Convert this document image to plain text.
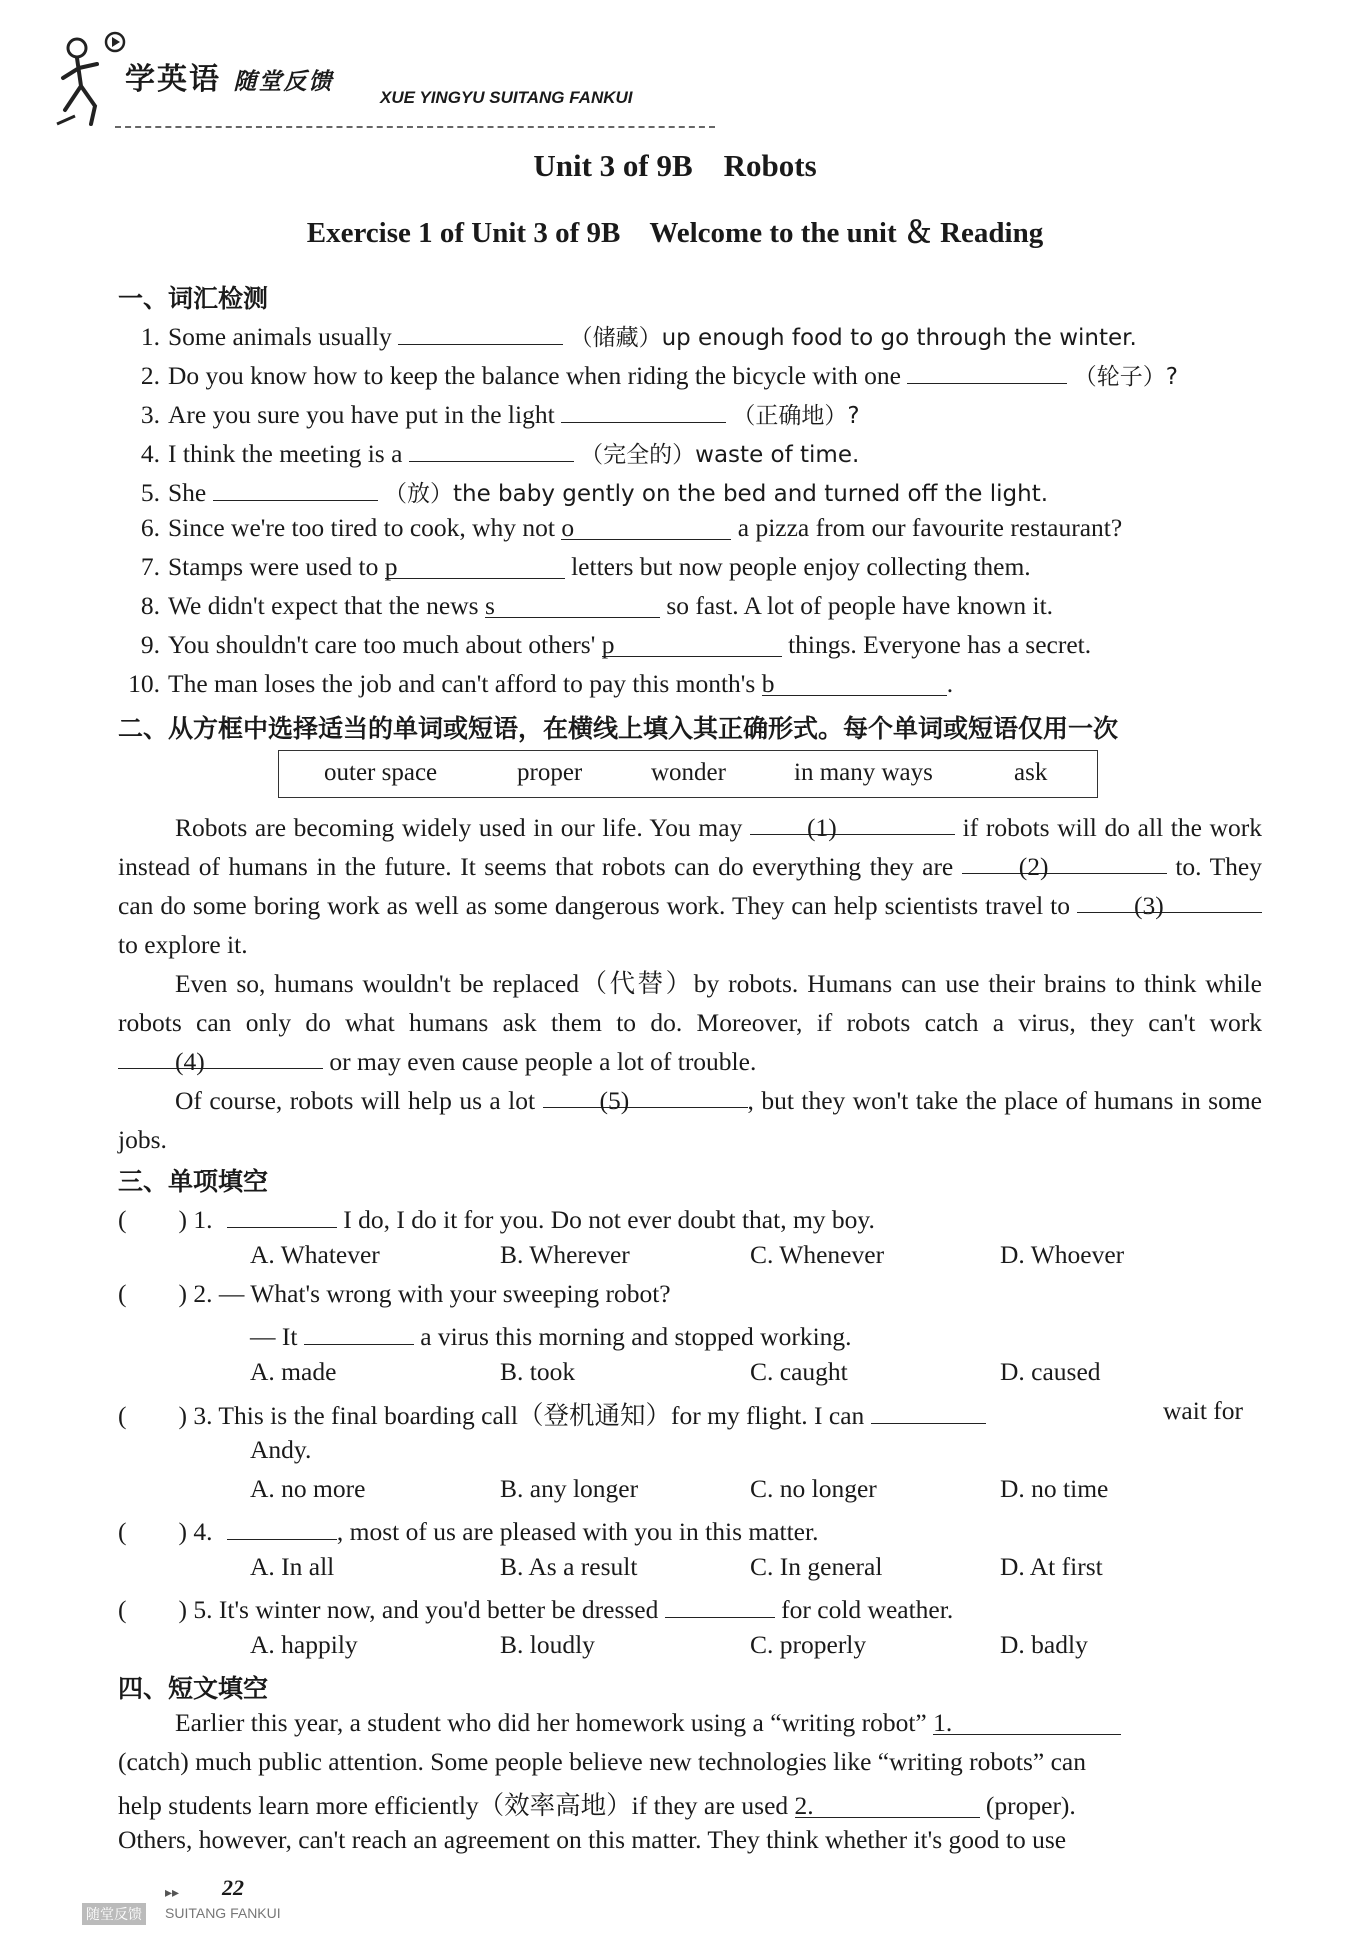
学英语 随堂反馈
XUE YINGYU SUITANG FANKUI
Unit 3 of 9B　Robots
Exercise 1 of Unit 3 of 9B　Welcome to the unit ＆ Reading
一、词汇检测
1. Some animals usually	（储藏）up enough food to go through the winter.
2. Do you know how to keep the balance when riding the bicycle with one	（轮子）?
3. Are you sure you have put in the light	（正确地）?
4. I think the meeting is a	（完全的）waste of time.
5. She	（放）the baby gently on the bed and turned off the light.
6. Since we're too tired to cook, why not o	a pizza from our favourite restaurant?
7. Stamps were used to p	letters but now people enjoy collecting them.
8. We didn't expect that the news s	so fast. A lot of people have known it.
9. You shouldn't care too much about others' p	things. Everyone has a secret.
10. The man loses the job and can't afford to pay this month's b	.
二、从方框中选择适当的单词或短语，在横线上填入其正确形式。每个单词或短语仅用一次
outer space	proper	wonder	in many ways	ask
Robots are becoming widely used in our life. You may	(1)	if robots will do all the work instead of humans in the future. It seems that robots can do everything they are	(2)	to. They can do some boring work as well as some dangerous work. They can help scientists travel to	(3) to explore it.
Even so, humans wouldn't be replaced（代替）by robots. Humans can use their brains to think while robots can only do what humans ask them to do. Moreover, if robots catch a virus, they can't work (4)	or may even cause people a lot of trouble.
Of course, robots will help us a lot	(5)	, but they won't take the place of humans in some jobs.
三、单项填空
( ) 1.	I do, I do it for you. Do not ever doubt that, my boy.
A. Whatever	B. Wherever	C. Whenever	D. Whoever
( ) 2. — What's wrong with your sweeping robot?
— It	a virus this morning and stopped working.
A. made	B. took	C. caught	D. caused
( ) 3. This is the final boarding call（登机通知）for my flight. I can	wait for
Andy.
A. no more	B. any longer	C. no longer	D. no time
( ) 4.	, most of us are pleased with you in this matter.
A. In all	B. As a result	C. In general	D. At first
( ) 5. It's winter now, and you'd better be dressed	for cold weather.
A. happily	B. loudly	C. properly	D. badly
四、短文填空
Earlier this year, a student who did her homework using a “writing robot” 1.
(catch) much public attention. Some people believe new technologies like “writing robots” can
help students learn more efficiently（效率高地）if they are used 2.	(proper).
Others, however, can't reach an agreement on this matter. They think whether it's good to use
▸▸ 22
随堂反馈 SUITANG FANKUI
